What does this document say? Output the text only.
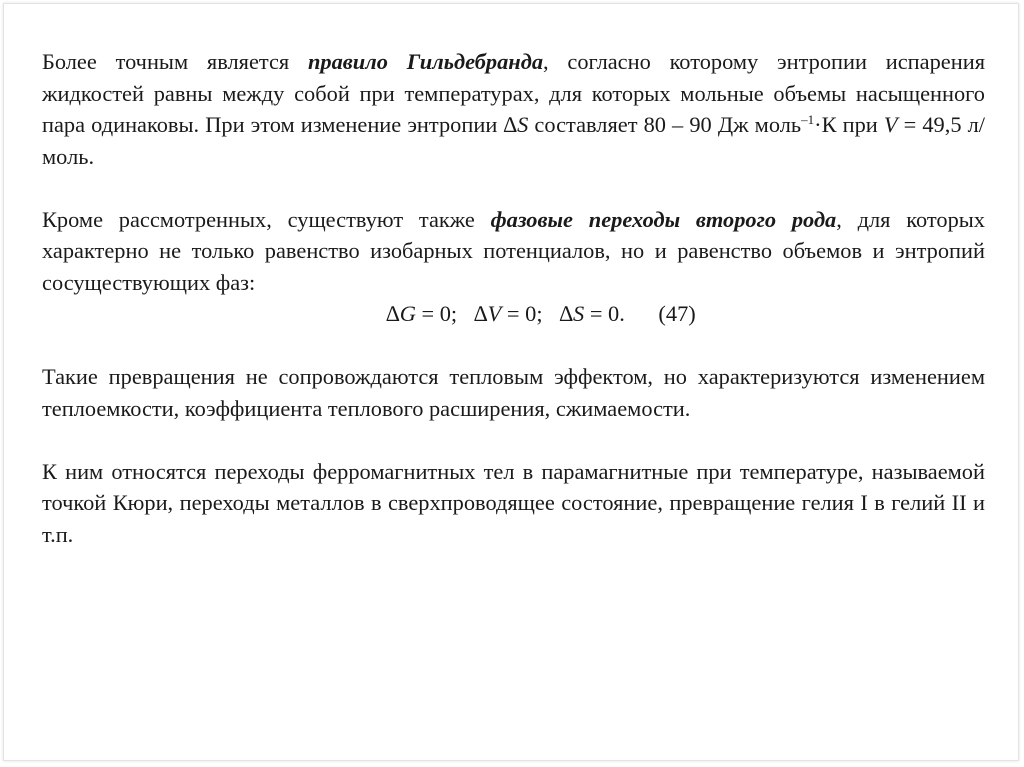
Более точным является правило Гильдебранда, согласно которому энтропии испарения жидкостей равны между собой при температурах, для которых мольные объемы насыщенного пара одинаковы. При этом изменение энтропии ∆S составляет 80 – 90 Дж моль$^{-1}$·К при V = 49,5 л/моль.

Кроме рассмотренных, существуют также фазовые переходы второго рода, для которых характерно не только равенство изобарных потенциалов, но и равенство объемов и энтропий сосуществующих фаз:

∆G = 0;   ∆V = 0;   ∆S = 0.      (47)

Такие превращения не сопровождаются тепловым эффектом, но характеризуются изменением теплоемкости, коэффициента теплового расширения, сжимаемости.

К ним относятся переходы ферромагнитных тел в парамагнитные при температуре, называемой точкой Кюри, переходы металлов в сверхпроводящее состояние, превращение гелия I в гелий II и т.п.
